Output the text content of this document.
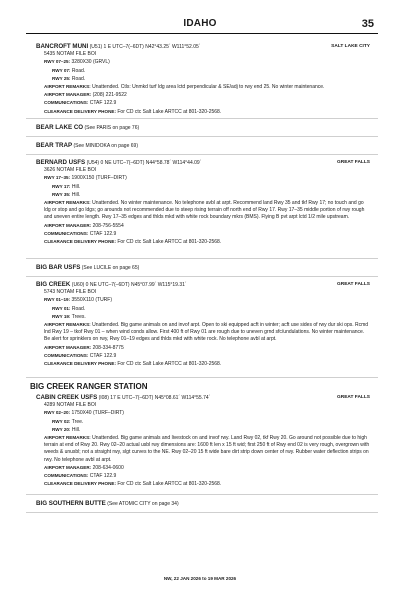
IDAHO	35
BANCROFT MUNI (U51) 1 E UTC–7(–6DT) N42°43.25´ W111°52.05´	SALT LAKE CITY
5435 NOTAM FILE BOI
RWY 07–25: 3280X30 (GRVL)
RWY 07: Road.
RWY 25: Road.
AIRPORT REMARKS: Unattended. Ctls: Unmkd turf ldg area lctd perpendicular & SE/adj to rwy end 25. No winter maintenance.
AIRPORT MANAGER: (208) 221-9522
COMMUNICATIONS: CTAF 122.9
CLEARANCE DELIVERY PHONE: For CD ctc Salt Lake ARTCC at 801-320-2568.
BEAR LAKE CO (See PARIS on page 76)
BEAR TRAP (See MINIDOKA on page 69)
BERNARD USFS (U54) 0 NE UTC–7(–6DT) N44°58.78´ W114°44.09´	GREAT FALLS
3626 NOTAM FILE BOI
RWY 17–35: 1900X150 (TURF–DIRT)
RWY 17: Hill.
RWY 35: Hill.
AIRPORT REMARKS: Unattended. No winter maintenance. No telephone avbl at arpt. Recommend land Rwy 35 and tkf Rwy 17; no touch and go ldg or stop and go ldgs; go arounds not recommended due to steep rising terrain off north end of Rwy 17. Rwy 17–35 middle portion of rwy rough and uneven entire length. Rwy 17–35 edges and thlds mkd with white rock boundary mkrs (BMS). Flying B pvt arpt lctd 1/2 mile upstream.
AIRPORT MANAGER: 208-756-5554
COMMUNICATIONS: CTAF 122.9
CLEARANCE DELIVERY PHONE: For CD ctc Salt Lake ARTCC at 801-320-2568.
BIG BAR USFS (See LUCILE on page 65)
BIG CREEK (U60) 0 NE UTC–7(–6DT) N45°07.99´ W115°19.31´	GREAT FALLS
5743 NOTAM FILE BOI
RWY 01–19: 3550X110 (TURF)
RWY 01: Road.
RWY 19: Trees.
AIRPORT REMARKS: Unattended. Big game animals on and invof arpt. Open to ski equipped acft in winter; acft use sides of rwy dur ski ops. Rcmd lnd Rwy 19 – tkof Rwy 01 – when wind conds allow. First 400 ft of Rwy 01 are rough due to uneven grnd sfc/undulations. No winter maintenance. Be alert for sprinklers on rwy, Rwy 01–19 edges and thlds mkd with white rock. No telephone avbl at arpt.
AIRPORT MANAGER: 208-334-8775
COMMUNICATIONS: CTAF 122.9
CLEARANCE DELIVERY PHONE: For CD ctc Salt Lake ARTCC at 801-320-2568.
BIG CREEK RANGER STATION
CABIN CREEK USFS (I08) 17 E UTC–7(–6DT) N45°08.61´ W114°55.74´	GREAT FALLS
4289 NOTAM FILE BOI
RWY 02–20: 1750X40 (TURF–DIRT)
RWY 02: Tree.
RWY 20: Hill.
AIRPORT REMARKS: Unattended. Big game animals and livestock on and invof rwy. Land Rwy 02, tkf Rwy 20. Go around not possible due to high terrain at end of Rwy 20. Rwy 02–20 actual usbl rwy dimensions are: 1600 ft len x 15 ft wid; first 250 ft of Rwy end 02 is very rough, overgrown with weeds & unusbl; not a straight rwy, slgt curves to the NE. Rwy 02–20 15 ft wide bare dirt strip down center of rwy. Rubber water deflection strips on rwy. No telephone avbl at arpt.
AIRPORT MANAGER: 208-634-0600
COMMUNICATIONS: CTAF 122.9
CLEARANCE DELIVERY PHONE: For CD ctc Salt Lake ARTCC at 801-320-2568.
BIG SOUTHERN BUTTE (See ATOMIC CITY on page 34)
NW, 22 JAN 2026 to 19 MAR 2026
